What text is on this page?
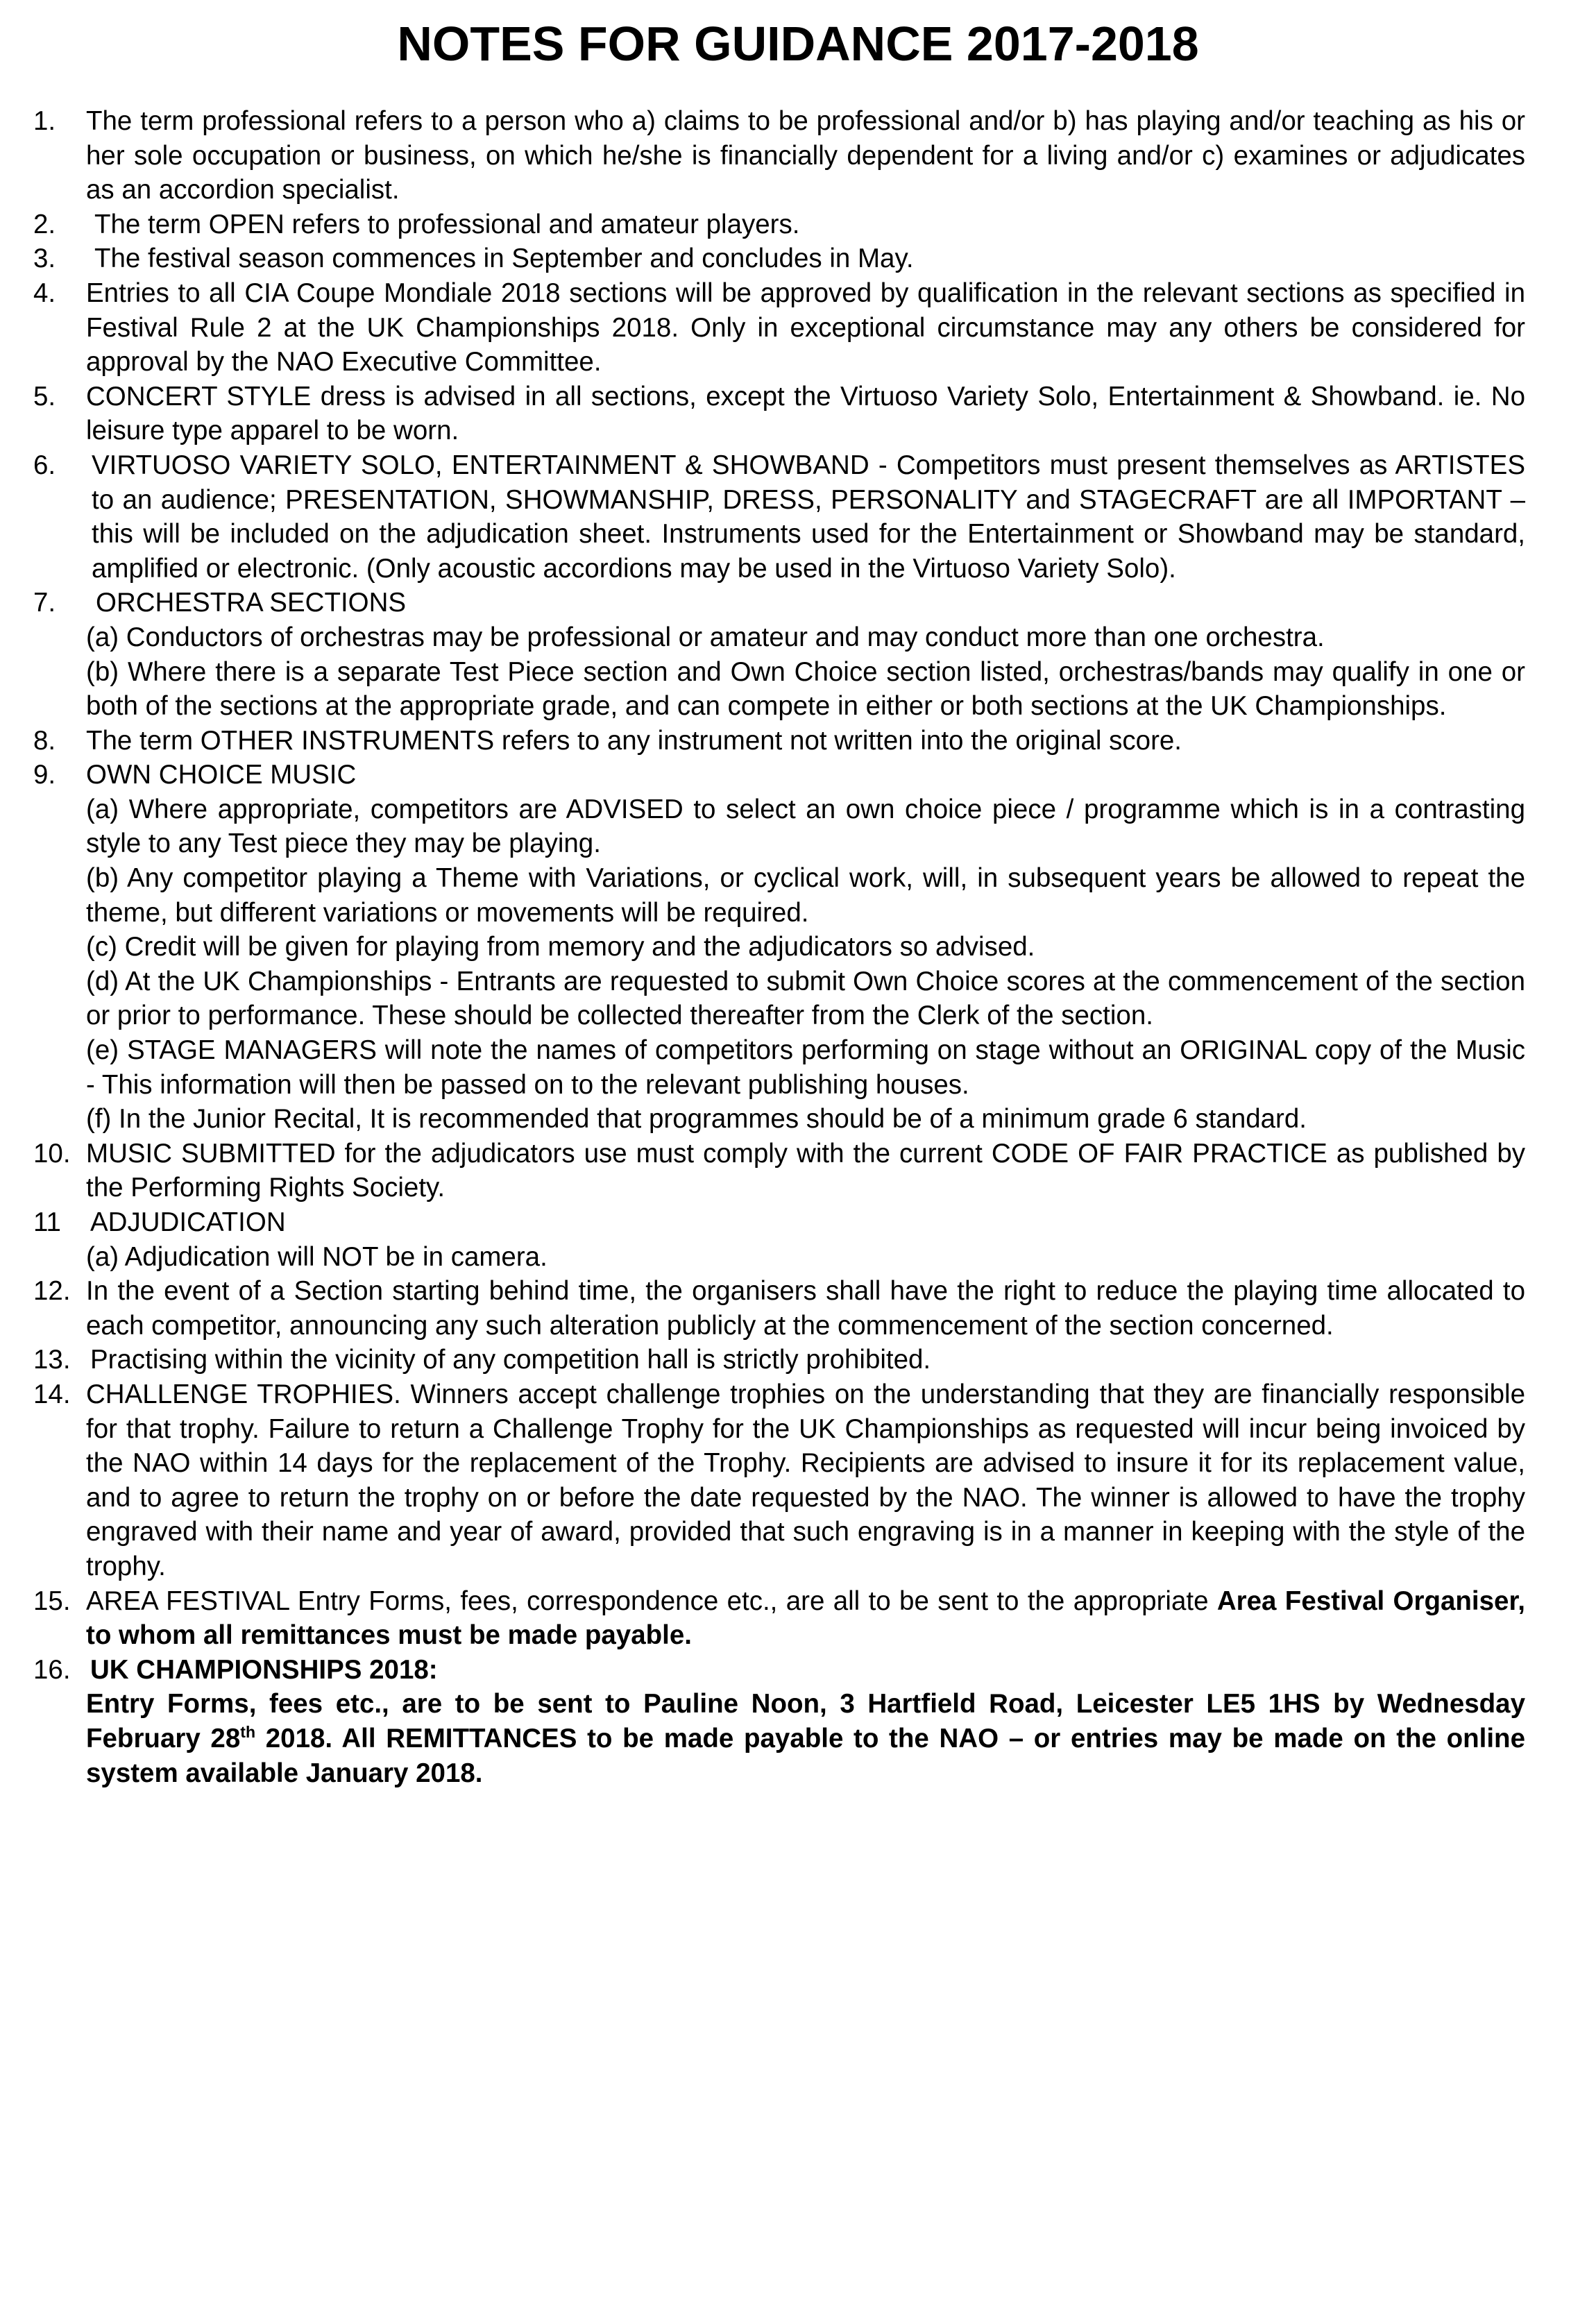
NOTES FOR GUIDANCE 2017-2018
1. The term professional refers to a person who a) claims to be professional and/or b) has playing and/or teaching as his or her sole occupation or business, on which he/she is financially dependent for a living and/or c) examines or adjudicates as an accordion specialist.
2. The term OPEN refers to professional and amateur players.
3. The festival season commences in September and concludes in May.
4. Entries to all CIA Coupe Mondiale 2018 sections will be approved by qualification in the relevant sections as specified in Festival Rule 2 at the UK Championships 2018. Only in exceptional circumstance may any others be considered for approval by the NAO Executive Committee.
5. CONCERT STYLE dress is advised in all sections, except the Virtuoso Variety Solo, Entertainment & Showband. ie. No leisure type apparel to be worn.
6. VIRTUOSO VARIETY SOLO, ENTERTAINMENT & SHOWBAND - Competitors must present themselves as ARTISTES to an audience; PRESENTATION, SHOWMANSHIP, DRESS, PERSONALITY and STAGECRAFT are all IMPORTANT – this will be included on the adjudication sheet. Instruments used for the Entertainment or Showband may be standard, amplified or electronic. (Only acoustic accordions may be used in the Virtuoso Variety Solo).
7.	ORCHESTRA SECTIONS
(a) Conductors of orchestras may be professional or amateur and may conduct more than one orchestra.
(b) Where there is a separate Test Piece section and Own Choice section listed, orchestras/bands may qualify in one or both of the sections at the appropriate grade, and can compete in either or both sections at the UK Championships.
8. The term OTHER INSTRUMENTS refers to any instrument not written into the original score.
9. OWN CHOICE MUSIC
(a) Where appropriate, competitors are ADVISED to select an own choice piece / programme which is in a contrasting style to any Test piece they may be playing.
(b) Any competitor playing a Theme with Variations, or cyclical work, will, in subsequent years be allowed to repeat the theme, but different variations or movements will be required.
(c) Credit will be given for playing from memory and the adjudicators so advised.
(d) At the UK Championships - Entrants are requested to submit Own Choice scores at the commencement of the section or prior to performance. These should be collected thereafter from the Clerk of the section.
(e) STAGE MANAGERS will note the names of competitors performing on stage without an ORIGINAL copy of the Music - This information will then be passed on to the relevant publishing houses.
(f) In the Junior Recital, It is recommended that programmes should be of a minimum grade 6 standard.
10. MUSIC SUBMITTED for the adjudicators use must comply with the current CODE OF FAIR PRACTICE as published by the Performing Rights Society.
11 ADJUDICATION
(a) Adjudication will NOT be in camera.
12. In the event of a Section starting behind time, the organisers shall have the right to reduce the playing time allocated to each competitor, announcing any such alteration publicly at the commencement of the section concerned.
13. Practising within the vicinity of any competition hall is strictly prohibited.
14. CHALLENGE TROPHIES. Winners accept challenge trophies on the understanding that they are financially responsible for that trophy. Failure to return a Challenge Trophy for the UK Championships as requested will incur being invoiced by the NAO within 14 days for the replacement of the Trophy. Recipients are advised to insure it for its replacement value, and to agree to return the trophy on or before the date requested by the NAO. The winner is allowed to have the trophy engraved with their name and year of award, provided that such engraving is in a manner in keeping with the style of the trophy.
15. AREA FESTIVAL Entry Forms, fees, correspondence etc., are all to be sent to the appropriate Area Festival Organiser, to whom all remittances must be made payable.
16. UK CHAMPIONSHIPS 2018:
Entry Forms, fees etc., are to be sent to Pauline Noon, 3 Hartfield Road, Leicester LE5 1HS by Wednesday February 28th 2018. All REMITTANCES to be made payable to the NAO – or entries may be made on the online system available January 2018.
